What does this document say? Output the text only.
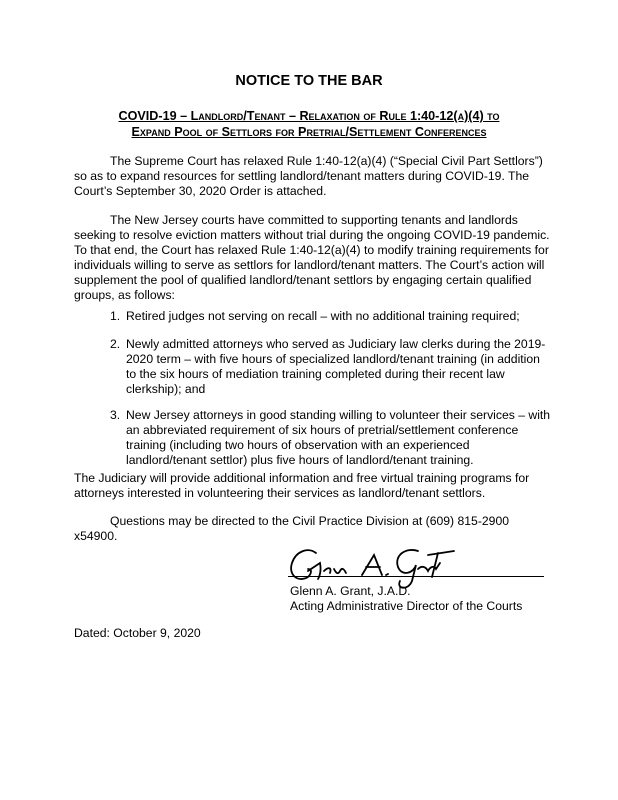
NOTICE TO THE BAR
COVID-19 – Landlord/Tenant – Relaxation of Rule 1:40-12(a)(4) to
Expand Pool of Settlors for Pretrial/Settlement Conferences

The Supreme Court has relaxed Rule 1:40-12(a)(4) (“Special Civil Part Settlors”) so as to expand resources for settling landlord/tenant matters during COVID-19. The Court’s September 30, 2020 Order is attached.

The New Jersey courts have committed to supporting tenants and landlords seeking to resolve eviction matters without trial during the ongoing COVID-19 pandemic. To that end, the Court has relaxed Rule 1:40-12(a)(4) to modify training requirements for individuals willing to serve as settlors for landlord/tenant matters. The Court’s action will supplement the pool of qualified landlord/tenant settlors by engaging certain qualified groups, as follows:

1. Retired judges not serving on recall – with no additional training required;
2. Newly admitted attorneys who served as Judiciary law clerks during the 2019-2020 term – with five hours of specialized landlord/tenant training (in addition to the six hours of mediation training completed during their recent law clerkship); and
3. New Jersey attorneys in good standing willing to volunteer their services – with an abbreviated requirement of six hours of pretrial/settlement conference training (including two hours of observation with an experienced landlord/tenant settlor) plus five hours of landlord/tenant training.

The Judiciary will provide additional information and free virtual training programs for attorneys interested in volunteering their services as landlord/tenant settlors.

Questions may be directed to the Civil Practice Division at (609) 815-2900 x54900.

Glenn A. Grant, J.A.D.
Acting Administrative Director of the Courts
Dated: October 9, 2020
